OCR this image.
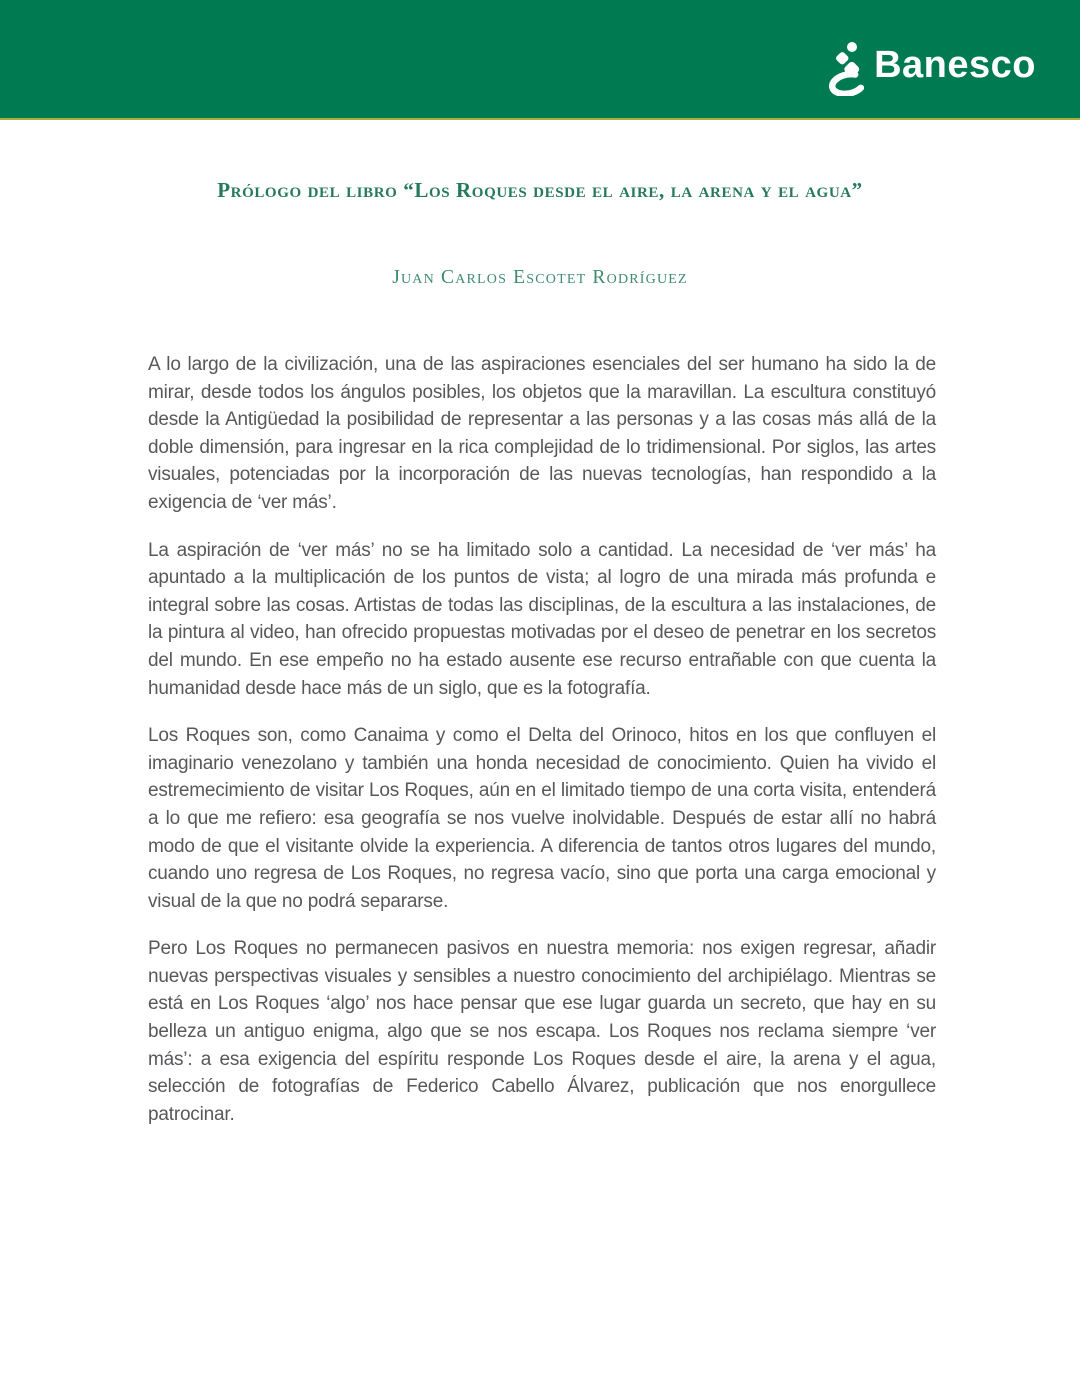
Banesco
Prólogo del libro “Los Roques desde el aire, la arena y el agua”
Juan Carlos Escotet Rodríguez

A lo largo de la civilización, una de las aspiraciones esenciales del ser humano ha sido la de mirar, desde todos los ángulos posibles, los objetos que la maravillan. La escultura constituyó desde la Antigüedad la posibilidad de representar a las personas y a las cosas más allá de la doble dimensión, para ingresar en la rica complejidad de lo tridimensional. Por siglos, las artes visuales, potenciadas por la incorporación de las nuevas tecnologías, han respondido a la exigencia de ‘ver más’.

La aspiración de ‘ver más’ no se ha limitado solo a cantidad. La necesidad de ‘ver más’ ha apuntado a la multiplicación de los puntos de vista; al logro de una mirada más profunda e integral sobre las cosas. Artistas de todas las disciplinas, de la escultura a las instalaciones, de la pintura al video, han ofrecido propuestas motivadas por el deseo de penetrar en los secretos del mundo. En ese empeño no ha estado ausente ese recurso entrañable con que cuenta la humanidad desde hace más de un siglo, que es la fotografía.

Los Roques son, como Canaima y como el Delta del Orinoco, hitos en los que confluyen el imaginario venezolano y también una honda necesidad de conocimiento. Quien ha vivido el estremecimiento de visitar Los Roques, aún en el limitado tiempo de una corta visita, entenderá a lo que me refiero: esa geografía se nos vuelve inolvidable. Después de estar allí no habrá modo de que el visitante olvide la experiencia. A diferencia de tantos otros lugares del mundo, cuando uno regresa de Los Roques, no regresa vacío, sino que porta una carga emocional y visual de la que no podrá separarse.

Pero Los Roques no permanecen pasivos en nuestra memoria: nos exigen regresar, añadir nuevas perspectivas visuales y sensibles a nuestro conocimiento del archipiélago. Mientras se está en Los Roques ‘algo’ nos hace pensar que ese lugar guarda un secreto, que hay en su belleza un antiguo enigma, algo que se nos escapa. Los Roques nos reclama siempre ‘ver más’: a esa exigencia del espíritu responde Los Roques desde el aire, la arena y el agua, selección de fotografías de Federico Cabello Álvarez, publicación que nos enorgullece patrocinar.
